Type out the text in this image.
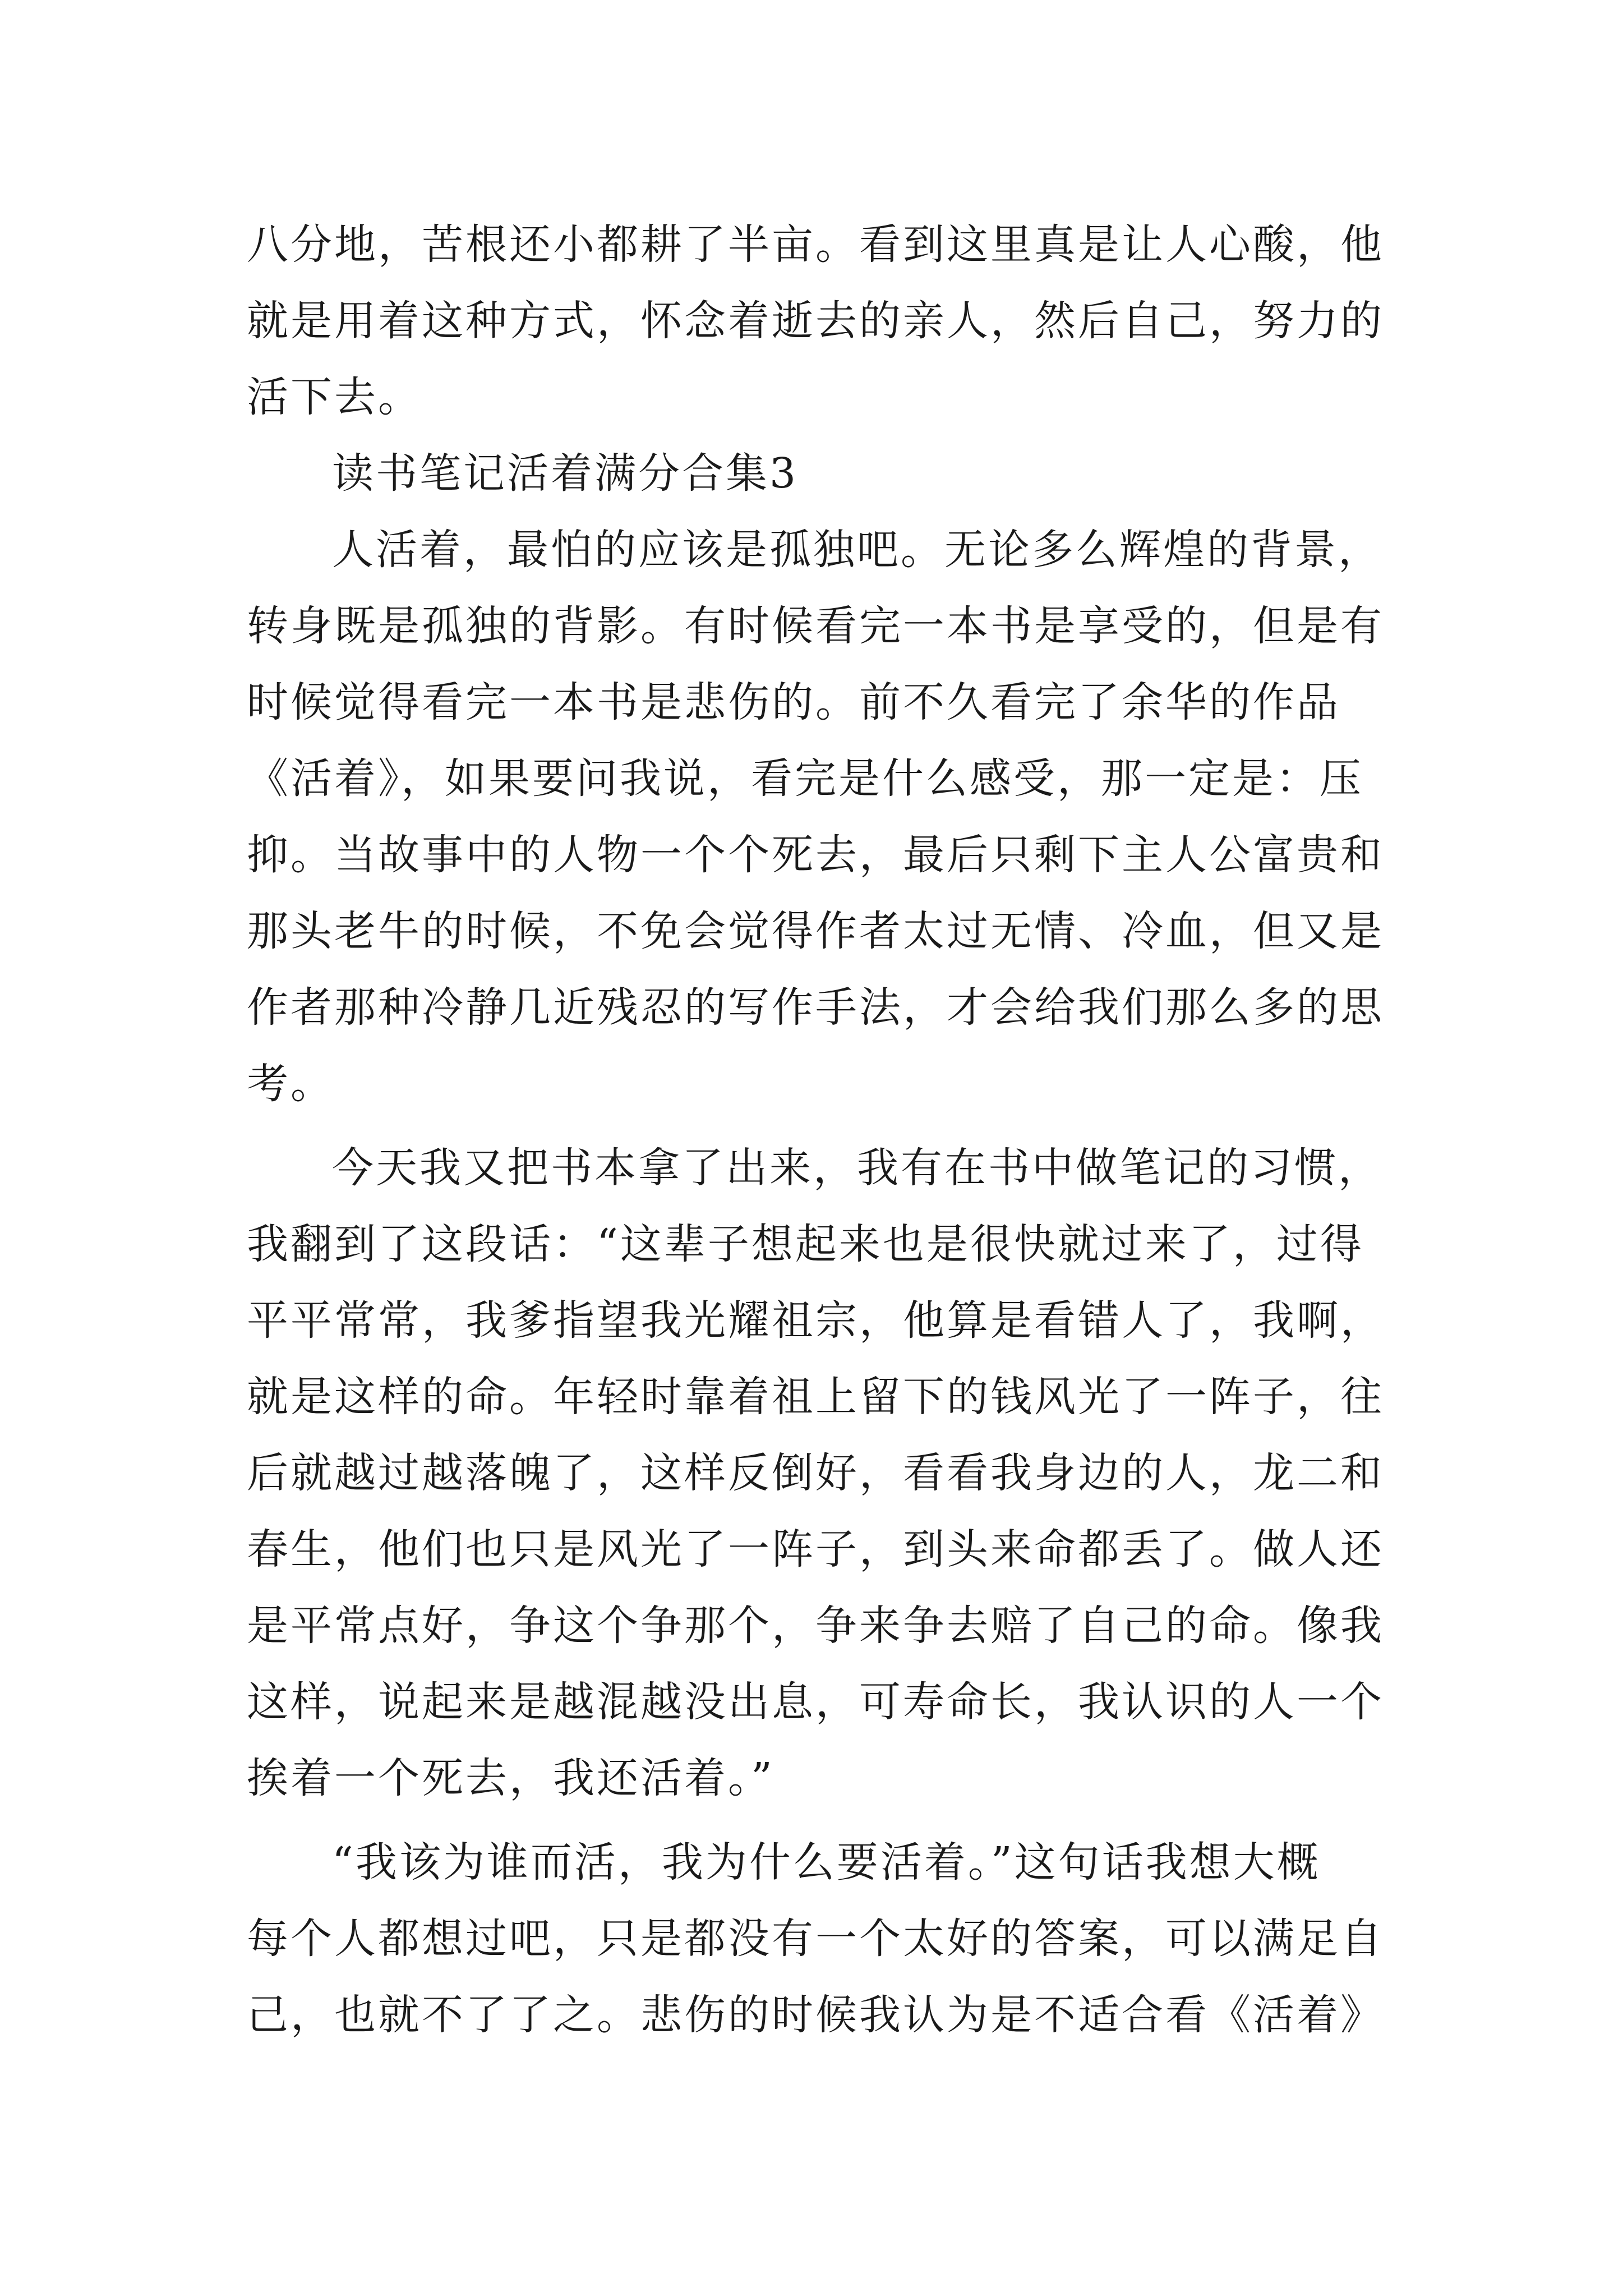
八分地，苦根还小都耕了半亩。看到这里真是让人心酸，他
就是用着这种方式，怀念着逝去的亲人，然后自己，努力的
活下去。
读书笔记活着满分合集3
人活着，最怕的应该是孤独吧。无论多么辉煌的背景，
转身既是孤独的背影。有时候看完一本书是享受的，但是有
时候觉得看完一本书是悲伤的。前不久看完了余华的作品
《活着》，如果要问我说，看完是什么感受，那一定是：压
抑。当故事中的人物一个个死去，最后只剩下主人公富贵和
那头老牛的时候，不免会觉得作者太过无情、冷血，但又是
作者那种冷静几近残忍的写作手法，才会给我们那么多的思
考。
今天我又把书本拿了出来，我有在书中做笔记的习惯，
我翻到了这段话：“这辈子想起来也是很快就过来了，过得
平平常常，我爹指望我光耀祖宗，他算是看错人了，我啊，
就是这样的命。年轻时靠着祖上留下的钱风光了一阵子，往
后就越过越落魄了，这样反倒好，看看我身边的人，龙二和
春生，他们也只是风光了一阵子，到头来命都丢了。做人还
是平常点好，争这个争那个，争来争去赔了自己的命。像我
这样，说起来是越混越没出息，可寿命长，我认识的人一个
挨着一个死去，我还活着。”
“我该为谁而活，我为什么要活着。”这句话我想大概
每个人都想过吧，只是都没有一个太好的答案，可以满足自
己，也就不了了之。悲伤的时候我认为是不适合看《活着》
